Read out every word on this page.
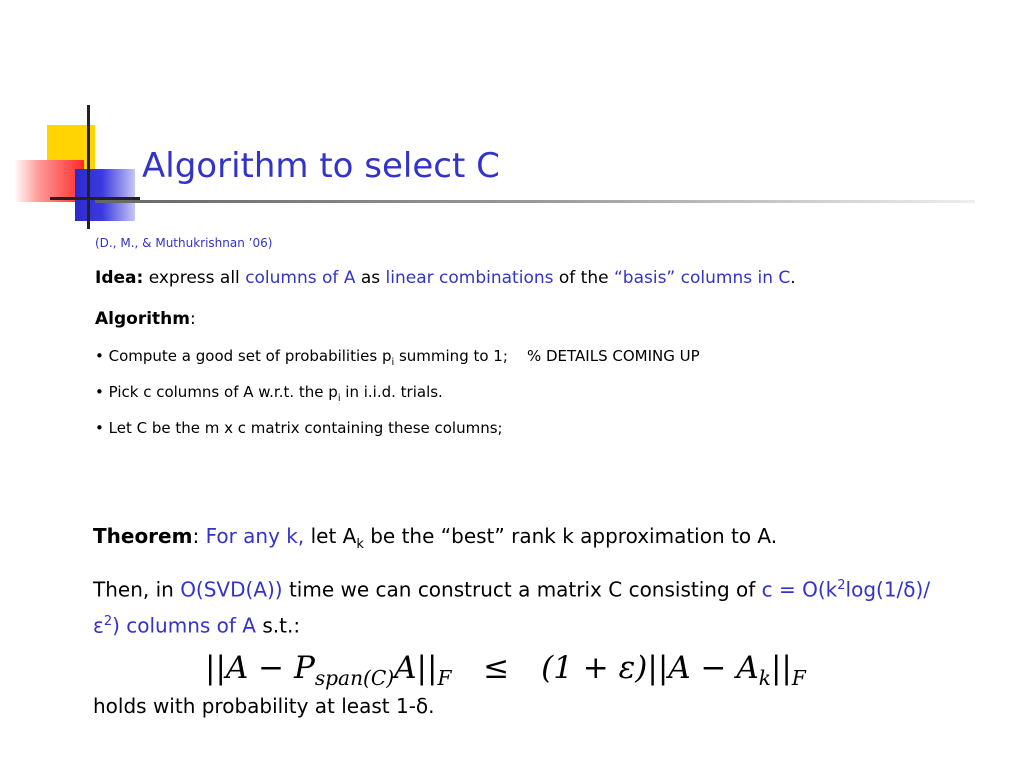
Algorithm to select C
(D., M., & Muthukrishnan ’06)
Idea: express all columns of A as linear combinations of the “basis” columns in C.
Algorithm:
• Compute a good set of probabilities $p_i$ summing to 1;    % DETAILS COMING UP
• Pick c columns of A w.r.t. the $p_i$ in i.i.d. trials.
• Let C be the m x c matrix containing these columns;
Theorem: For any k, let $A_k$ be the “best” rank k approximation to A.
Then, in O(SVD(A)) time we can construct a matrix C consisting of $c = O(k^2\log(1/\delta)/\varepsilon^2)$ columns of A s.t.:
$||A - P_{span(C)}A||_F \le (1 + \varepsilon)||A - A_k||_F$
holds with probability at least 1-δ.
